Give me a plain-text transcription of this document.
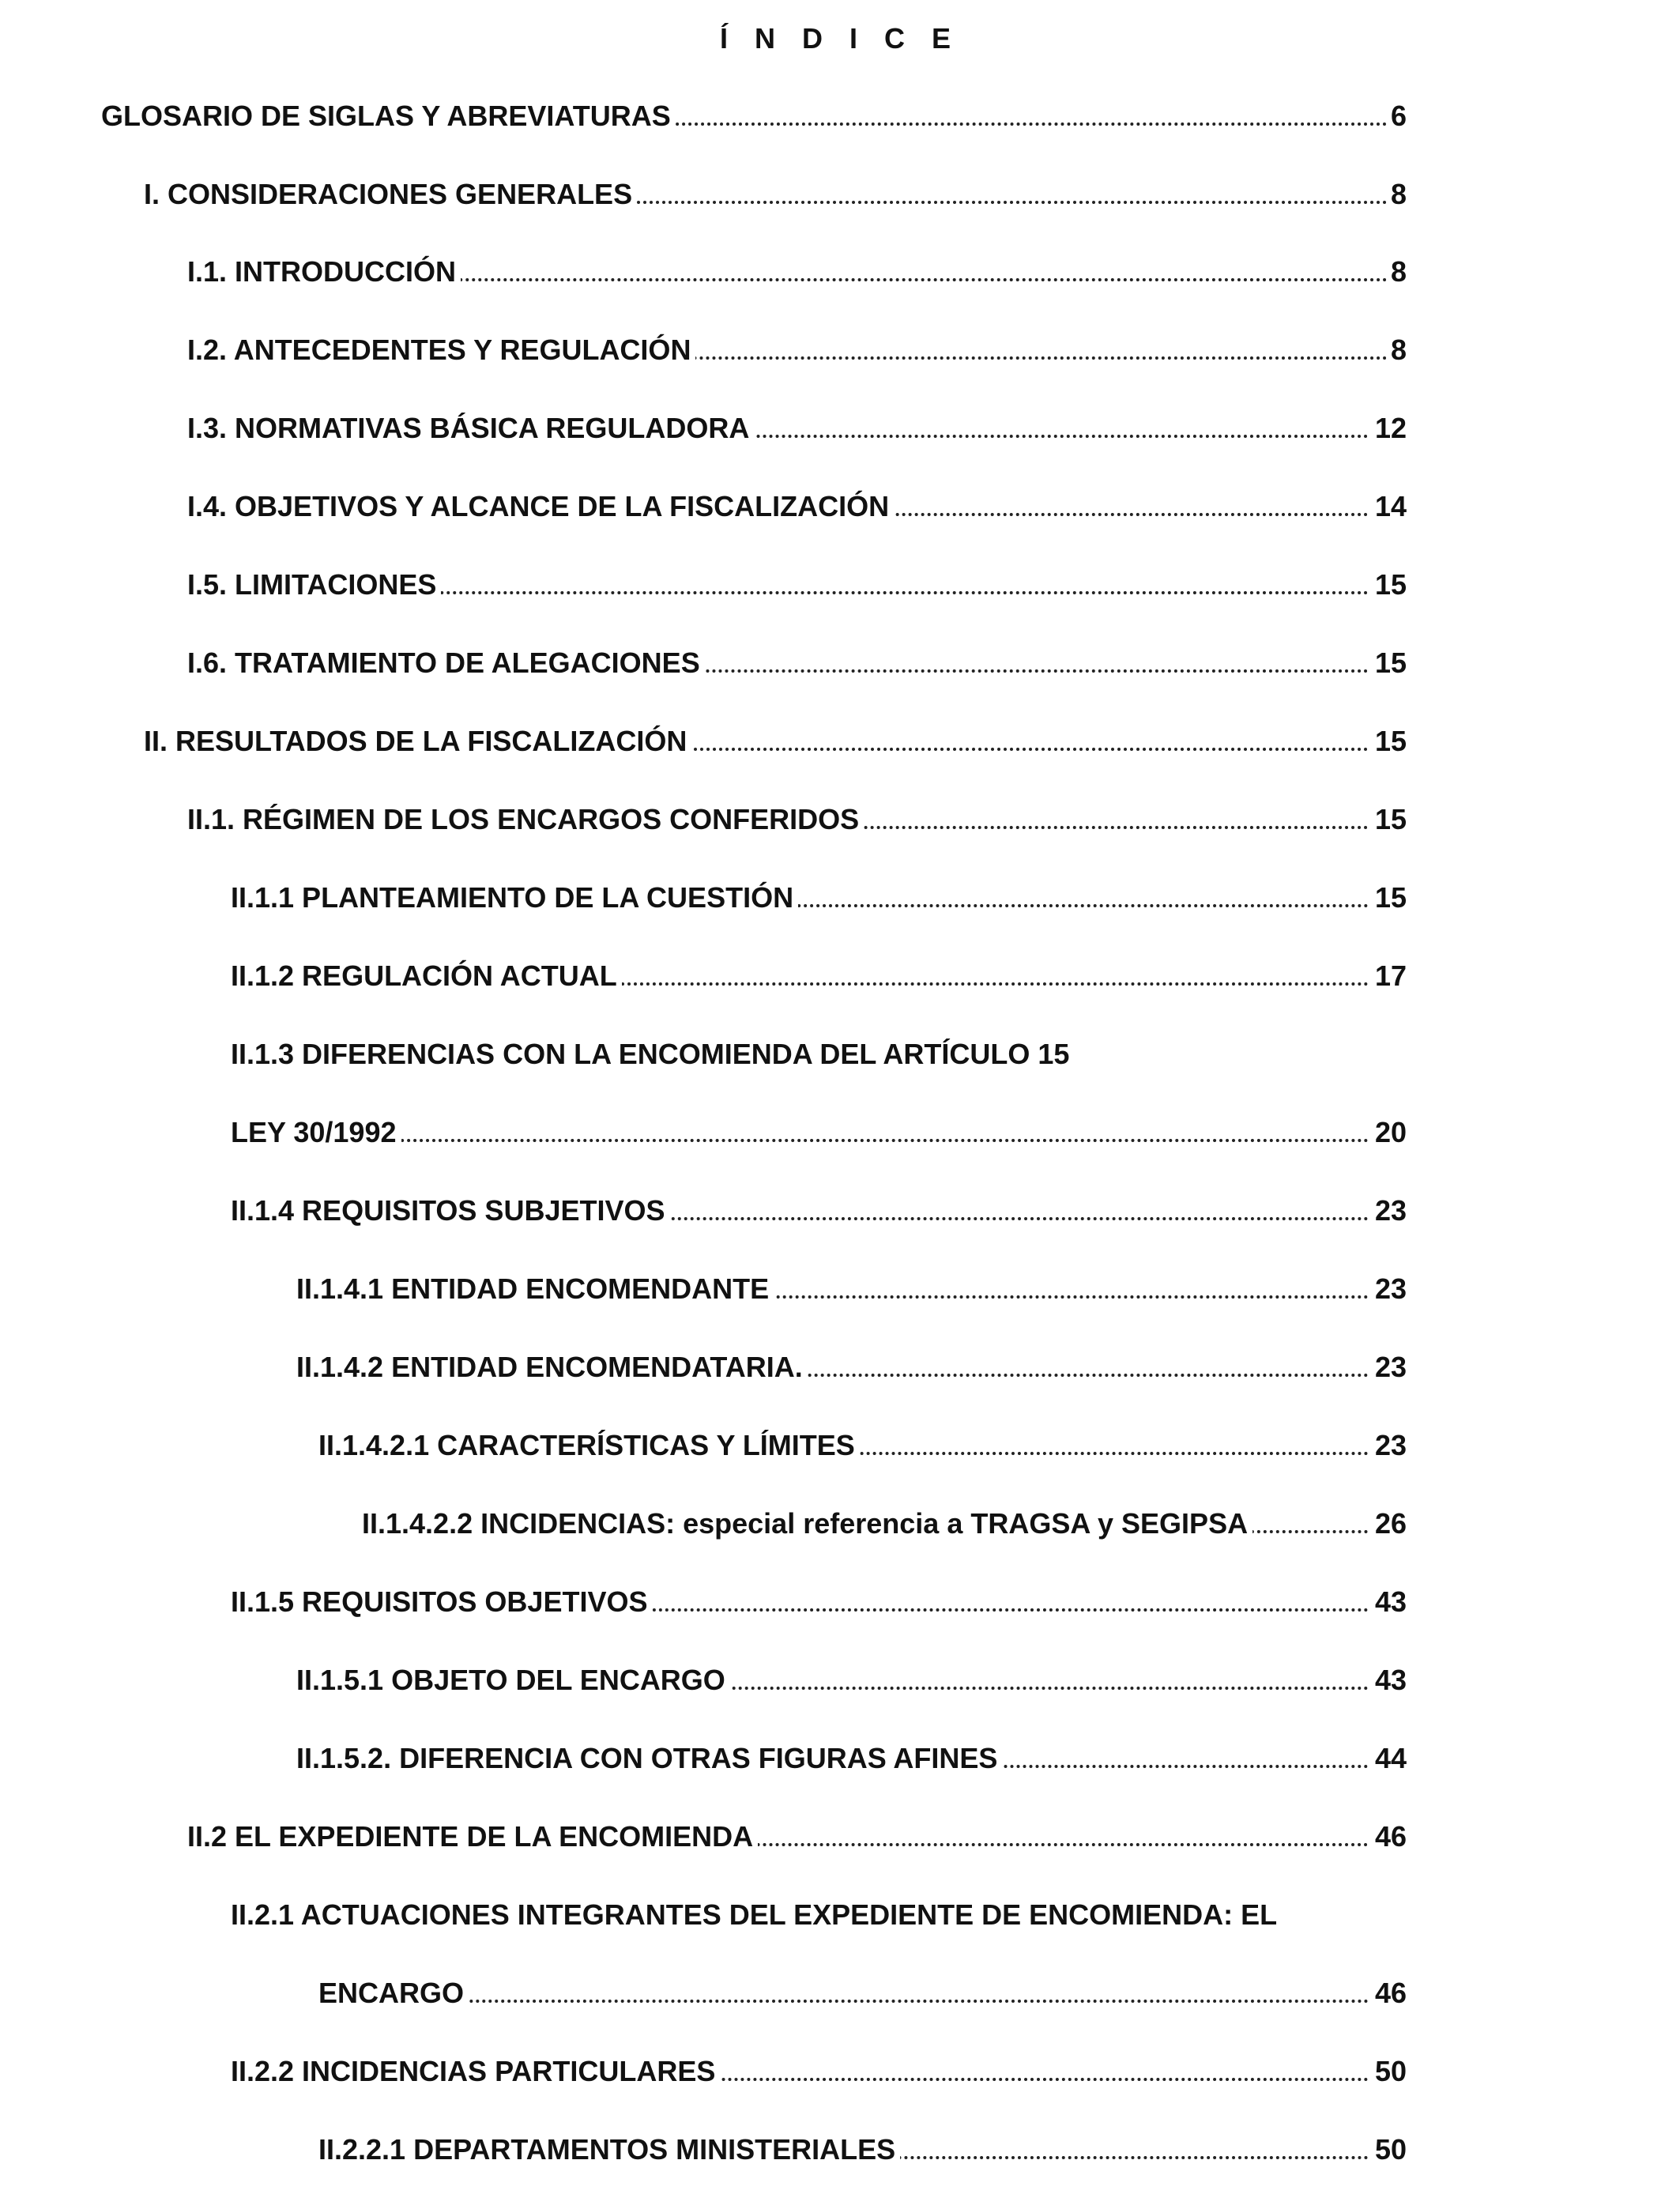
Í N D I C E
GLOSARIO DE SIGLAS Y ABREVIATURAS	6
I. CONSIDERACIONES GENERALES	8
I.1. INTRODUCCIÓN	8
I.2. ANTECEDENTES Y REGULACIÓN	8
I.3. NORMATIVAS BÁSICA REGULADORA	12
I.4. OBJETIVOS Y ALCANCE DE LA FISCALIZACIÓN	14
I.5. LIMITACIONES	15
I.6. TRATAMIENTO DE ALEGACIONES	15
II. RESULTADOS DE LA FISCALIZACIÓN	15
II.1. RÉGIMEN DE LOS ENCARGOS CONFERIDOS	15
II.1.1 PLANTEAMIENTO DE LA CUESTIÓN	15
II.1.2 REGULACIÓN ACTUAL	17
II.1.3 DIFERENCIAS CON LA ENCOMIENDA DEL ARTÍCULO 15
LEY 30/1992	20
II.1.4 REQUISITOS SUBJETIVOS	23
II.1.4.1 ENTIDAD ENCOMENDANTE	23
II.1.4.2 ENTIDAD ENCOMENDATARIA.	23
II.1.4.2.1 CARACTERÍSTICAS Y LÍMITES	23
II.1.4.2.2 INCIDENCIAS: especial referencia a TRAGSA y SEGIPSA	26
II.1.5 REQUISITOS OBJETIVOS	43
II.1.5.1 OBJETO DEL ENCARGO	43
II.1.5.2. DIFERENCIA CON OTRAS FIGURAS AFINES	44
II.2 EL EXPEDIENTE DE LA ENCOMIENDA	46
II.2.1 ACTUACIONES INTEGRANTES DEL EXPEDIENTE DE ENCOMIENDA: EL
ENCARGO	46
II.2.2 INCIDENCIAS PARTICULARES	50
II.2.2.1 DEPARTAMENTOS MINISTERIALES	50
